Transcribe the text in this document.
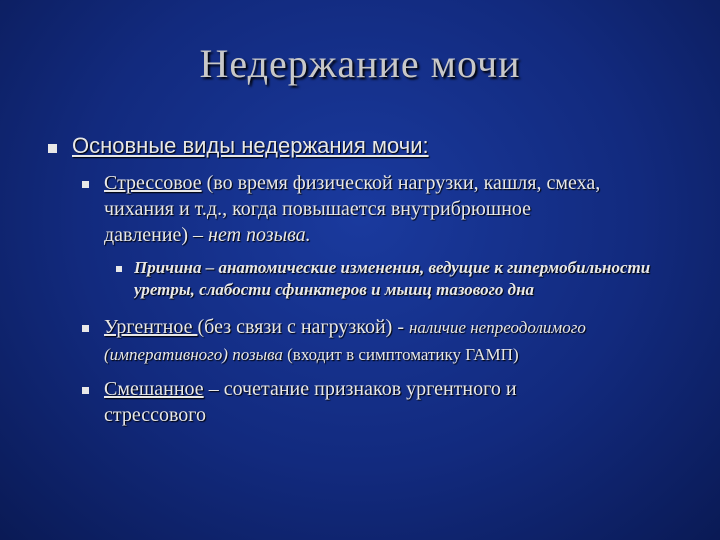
Недержание мочи
Основные виды недержания мочи:
Стрессовое (во время физической нагрузки, кашля, смеха,
чихания и т.д., когда повышается внутрибрюшное
давление) – нет позыва.
Причина – анатомические изменения, ведущие к гипермобильности
уретры, слабости сфинктеров и мышц тазового дна
Ургентное (без связи с нагрузкой) - наличие непреодолимого
(императивного) позыва (входит в симптоматику ГАМП)
Смешанное – сочетание признаков ургентного и
стрессового
